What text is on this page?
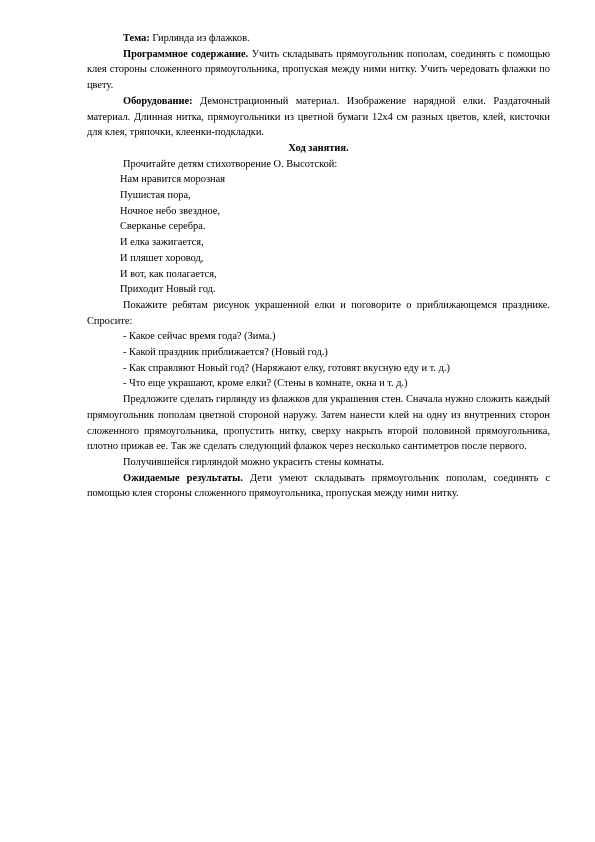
Тема: Гирлянда из флажков.

Программное содержание. Учить складывать прямоугольник пополам, соединять с помощью клея стороны сложенного прямоугольника, пропуская между ними нитку. Учить чередовать флажки по цвету.

Оборудование: Демонстрационный материал. Изображение нарядной елки. Раздаточный материал. Длинная нитка, прямоугольники из цветной бумаги 12х4 см разных цветов, клей, кисточки для клея, тряпочки, клеенки-подкладки.

Ход занятия.

Прочитайте детям стихотворение О. Высотской:

Нам нравится морозная

Пушистая пора,

Ночное небо звездное,

Сверканье серебра.

И елка зажигается,

И пляшет хоровод,

И вот, как полагается,

Приходит Новый год.

Покажите ребятам рисунок украшенной елки и поговорите о приближающемся празднике. Спросите:

- Какое сейчас время года? (Зима.)

- Какой праздник приближается? (Новый год.)

- Как справляют Новый год? (Наряжают елку, готовят вкусную еду и т. д.)

- Что еще украшают, кроме елки? (Стены в комнате, окна и т. д.)

Предложите сделать гирлянду из флажков для украшения стен. Сначала нужно сложить каждый прямоугольник пополам цветной стороной наружу. Затем нанести клей на одну из внутренних сторон сложенного прямоугольника, пропустить нитку, сверху накрыть второй половиной прямоугольника, плотно прижав ее. Так же сделать следующий флажок через несколько сантиметров после первого.

Получившейся гирляндой можно украсить стены комнаты.

Ожидаемые результаты. Дети умеют складывать прямоугольник пополам, соединять с помощью клея стороны сложенного прямоугольника, пропуская между ними нитку.
